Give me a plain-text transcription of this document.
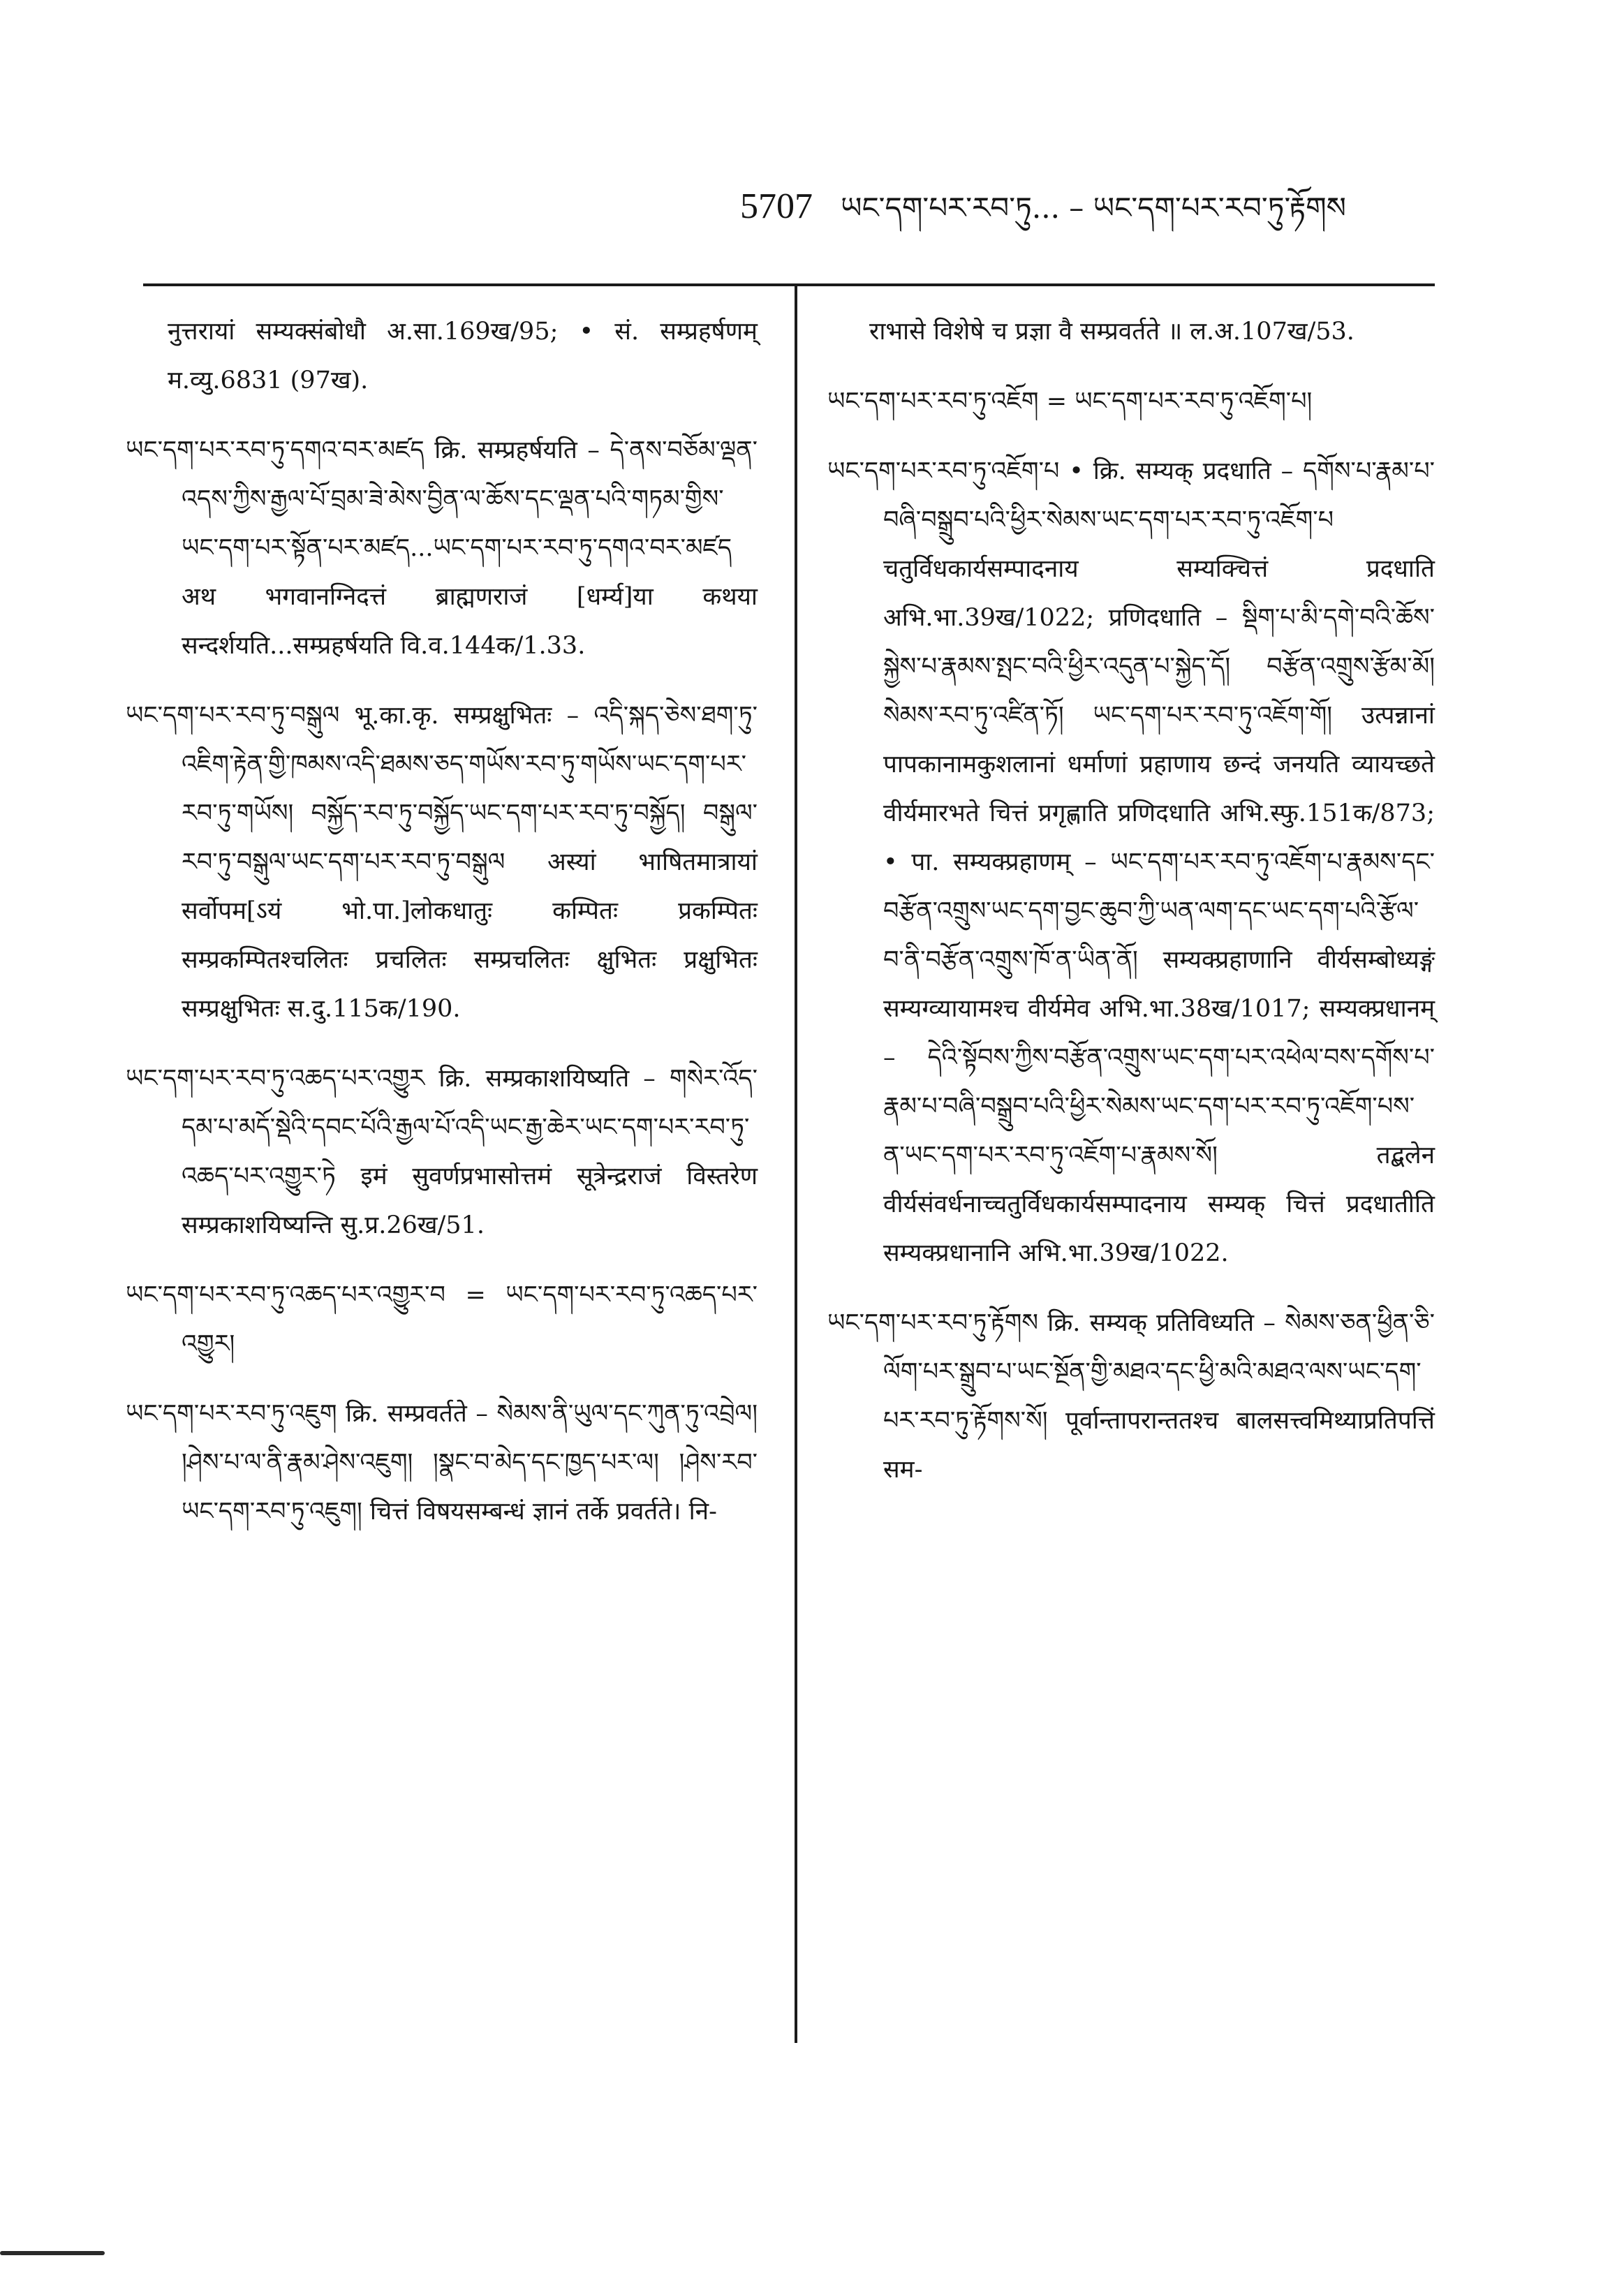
5707 ཡང་དག་པར་རབ་ཏུ... – ཡང་དག་པར་རབ་ཏུ་རྟོགས

नुत्तरायां सम्यक्संबोधौ अ.सा.169ख/95; • सं. सम्प्रहर्षणम् म.व्यु.6831 (97ख).

ཡང་དག་པར་རབ་ཏུ་དགའ་བར་མཛད क्रि. सम्प्रहर्षयति – དེ་ནས་བཅོམ་ལྡན་འདས་ཀྱིས་རྒྱལ་པོ་བྲམ་ཟེ་མེས་བྱིན་ལ་ཆོས་དང་ལྡན་པའི་གཏམ་གྱིས་ཡང་དག་པར་སྟོན་པར་མཛད...ཡང་དག་པར་རབ་ཏུ་དགའ་བར་མཛད अथ भगवानग्निदत्तं ब्राह्मणराजं [धर्म्य]या कथया सन्दर्शयति...सम्प्रहर्षयति वि.व.144क/1.33.

ཡང་དག་པར་རབ་ཏུ་བསྒུལ भू.का.कृ. सम्प्रक्षुभितः – འདི་སྐད་ཅེས་ཐག་ཏུ་འཇིག་རྟེན་གྱི་ཁམས་འདི་ཐམས་ཅད་གཡོས་རབ་ཏུ་གཡོས་ཡང་དག་པར་རབ་ཏུ་གཡོས། བསྐྱོད་རབ་ཏུ་བསྐྱོད་ཡང་དག་པར་རབ་ཏུ་བསྐྱོད། བསྒུལ་རབ་ཏུ་བསྒུལ་ཡང་དག་པར་རབ་ཏུ་བསྒུལ अस्यां भाषितमात्रायां सर्वोपम[ऽयं भो.पा.]लोकधातुः कम्पितः प्रकम्पितः सम्प्रकम्पितश्चलितः प्रचलितः सम्प्रचलितः क्षुभितः प्रक्षुभितः सम्प्रक्षुभितः स.दु.115क/190.

ཡང་དག་པར་རབ་ཏུ་འཆད་པར་འགྱུར क्रि. सम्प्रकाशयिष्यति – གསེར་འོད་དམ་པ་མདོ་སྡེའི་དབང་པོའི་རྒྱལ་པོ་འདི་ཡང་རྒྱ་ཆེར་ཡང་དག་པར་རབ་ཏུ་འཆད་པར་འགྱུར་ཏེ इमं सुवर्णप्रभासोत्तमं सूत्रेन्द्रराजं विस्तरेण सम्प्रकाशयिष्यन्ति सु.प्र.26ख/51.

ཡང་དག་པར་རབ་ཏུ་འཆད་པར་འགྱུར་བ = ཡང་དག་པར་རབ་ཏུ་འཆད་པར་འགྱུར།

ཡང་དག་པར་རབ་ཏུ་འཇུག क्रि. सम्प्रवर्तते – སེམས་ནི་ཡུལ་དང་ཀུན་ཏུ་འབྲེལ། །ཤེས་པ་ལ་ནི་རྣམ་ཤེས་འཇུག། །སྣང་བ་མེད་དང་ཁྱད་པར་ལ། །ཤེས་རབ་ཡང་དག་རབ་ཏུ་འཇུག། चित्तं विषयसम्बन्धं ज्ञानं तर्के प्रवर्तते। नि-

राभासे विशेषे च प्रज्ञा वै सम्प्रवर्तते ॥ ल.अ.107ख/53.

ཡང་དག་པར་རབ་ཏུ་འཇོག = ཡང་དག་པར་རབ་ཏུ་འཇོག་པ།

ཡང་དག་པར་རབ་ཏུ་འཇོག་པ • क्रि. सम्यक् प्रदधाति – དགོས་པ་རྣམ་པ་བཞི་བསྒྲུབ་པའི་ཕྱིར་སེམས་ཡང་དག་པར་རབ་ཏུ་འཇོག་པ चतुर्विधकार्यसम्पादनाय सम्यक्चित्तं प्रदधाति अभि.भा.39ख/1022; प्रणिदधाति – སྡིག་པ་མི་དགེ་བའི་ཆོས་སྐྱེས་པ་རྣམས་སྤང་བའི་ཕྱིར་འདུན་པ་སྐྱེད་དོ། བརྩོན་འགྲུས་རྩོམ་མོ། སེམས་རབ་ཏུ་འཛིན་ཏོ། ཡང་དག་པར་རབ་ཏུ་འཇོག་གོ། उत्पन्नानां पापकानामकुशलानां धर्माणां प्रहाणाय छन्दं जनयति व्यायच्छते वीर्यमारभते चित्तं प्रगृह्णाति प्रणिदधाति अभि.स्फु.151क/873; • पा. सम्यक्प्रहाणम् – ཡང་དག་པར་རབ་ཏུ་འཇོག་པ་རྣམས་དང་བརྩོན་འགྲུས་ཡང་དག་བྱང་ཆུབ་ཀྱི་ཡན་ལག་དང་ཡང་དག་པའི་རྩོལ་བ་ནི་བརྩོན་འགྲུས་ཁོ་ན་ཡིན་ནོ། सम्यक्प्रहाणानि वीर्यसम्बोध्यङ्गं सम्यग्व्यायामश्च वीर्यमेव अभि.भा.38ख/1017; सम्यक्प्रधानम् – དེའི་སྟོབས་ཀྱིས་བརྩོན་འགྲུས་ཡང་དག་པར་འཕེལ་བས་དགོས་པ་རྣམ་པ་བཞི་བསྒྲུབ་པའི་ཕྱིར་སེམས་ཡང་དག་པར་རབ་ཏུ་འཇོག་པས་ན་ཡང་དག་པར་རབ་ཏུ་འཇོག་པ་རྣམས་སོ། तद्बलेन वीर्यसंवर्धनाच्चतुर्विधकार्यसम्पादनाय सम्यक् चित्तं प्रदधातीति सम्यक्प्रधानानि अभि.भा.39ख/1022.

ཡང་དག་པར་རབ་ཏུ་རྟོགས क्रि. सम्यक् प्रतिविध्यति – སེམས་ཅན་ཕྱིན་ཅི་ལོག་པར་སྒྲུབ་པ་ཡང་སྔོན་གྱི་མཐའ་དང་ཕྱི་མའི་མཐའ་ལས་ཡང་དག་པར་རབ་ཏུ་རྟོགས་སོ། पूर्वान्तापरान्ततश्च बालसत्त्वमिथ्याप्रतिपत्तिं सम-
